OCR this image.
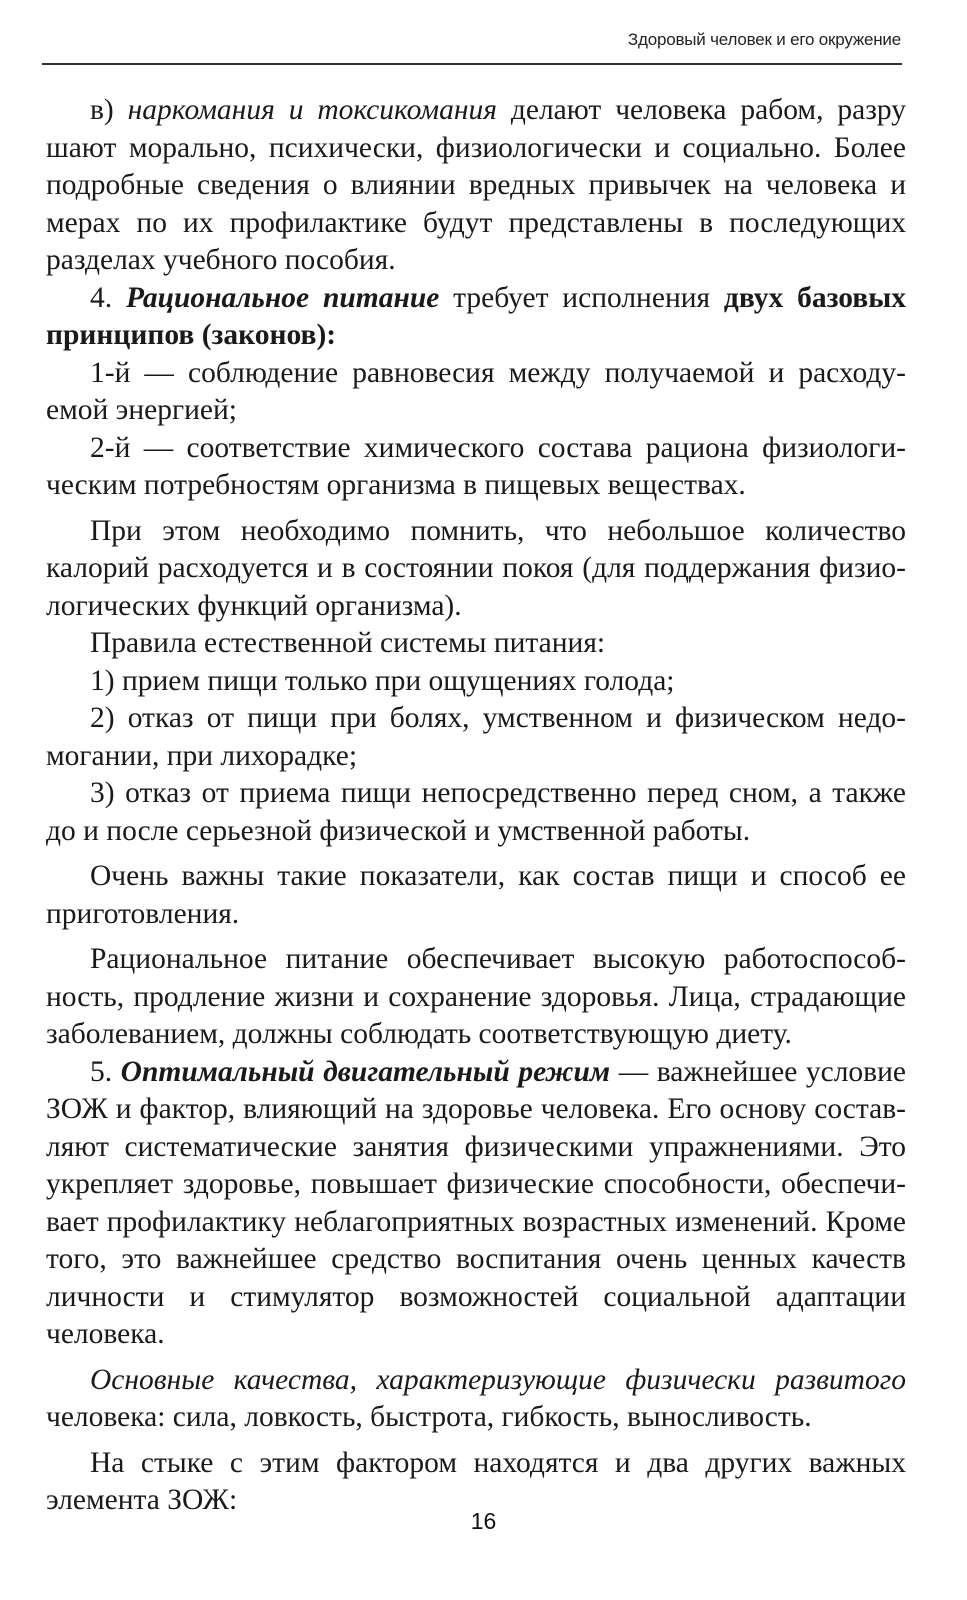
Здоровый человек и его окружение

в) наркомания и токсикомания делают человека рабом, разру шают морально, психически, физиологически и социально. Более подробные сведения о влиянии вредных привычек на человека и мерах по их профилактике будут представлены в последующих разделах учебного пособия.

4. Рациональное питание требует исполнения двух базовых принципов (законов):

1-й — соблюдение равновесия между получаемой и расходуемой энергией;

2-й — соответствие химического состава рациона физиологическим потребностям организма в пищевых веществах.

При этом необходимо помнить, что небольшое количество калорий расходуется и в состоянии покоя (для поддержания физиологических функций организма).

Правила естественной системы питания:

1) прием пищи только при ощущениях голода;

2) отказ от пищи при болях, умственном и физическом недомогании, при лихорадке;

3) отказ от приема пищи непосредственно перед сном, а также до и после серьезной физической и умственной работы.

Очень важны такие показатели, как состав пищи и способ ее приготовления.

Рациональное питание обеспечивает высокую работоспособность, продление жизни и сохранение здоровья. Лица, страдающие заболеванием, должны соблюдать соответствующую диету.

5. Оптимальный двигательный режим — важнейшее условие ЗОЖ и фактор, влияющий на здоровье человека. Его основу составляют систематические занятия физическими упражнениями. Это укрепляет здоровье, повышает физические способности, обеспечивает профилактику неблагоприятных возрастных изменений. Кроме того, это важнейшее средство воспитания очень ценных качеств личности и стимулятор возможностей социальной адаптации человека.

Основные качества, характеризующие физически развитого человека: сила, ловкость, быстрота, гибкость, выносливость.

На стыке с этим фактором находятся и два других важных элемента ЗОЖ:

16
